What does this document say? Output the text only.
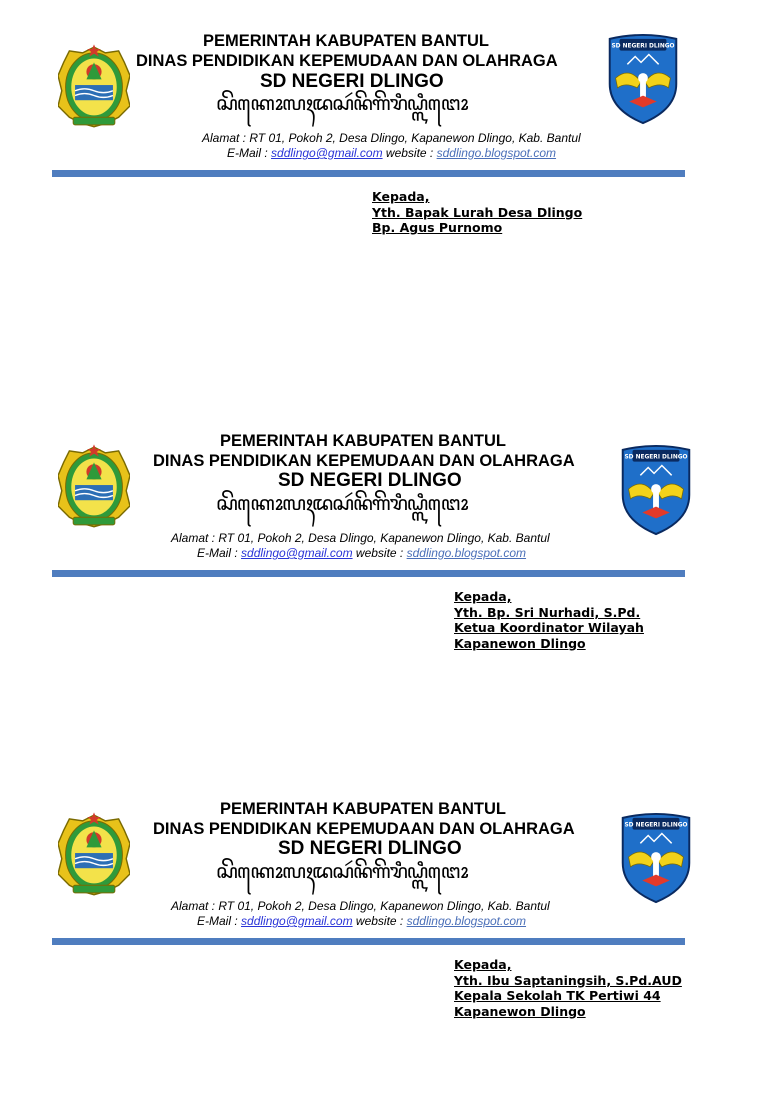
PEMERINTAH KABUPATEN BANTUL
DINAS PENDIDIKAN KEPEMUDAAN DAN OLAHRAGA
SD NEGERI DLINGO
ꦱꦼꦏꦺꦴꦭꦃꦢꦱꦂꦤꦼꦒꦼꦫꦶꦝ꧀ꦭꦶꦔꦺꦴ
SD NEGERI DLINGO
Alamat : RT 01, Pokoh 2, Desa Dlingo, Kapanewon Dlingo, Kab. Bantul
E-Mail : sddlingo@gmail.com website : sddlingo.blogspot.com
Kepada,
Yth. Bapak Lurah Desa Dlingo
Bp. Agus Purnomo
PEMERINTAH KABUPATEN BANTUL
DINAS PENDIDIKAN KEPEMUDAAN DAN OLAHRAGA
SD NEGERI DLINGO
ꦱꦼꦏꦺꦴꦭꦃꦢꦱꦂꦤꦼꦒꦼꦫꦶꦝ꧀ꦭꦶꦔꦺꦴ
SD NEGERI DLINGO
Alamat : RT 01, Pokoh 2, Desa Dlingo, Kapanewon Dlingo, Kab. Bantul
E-Mail : sddlingo@gmail.com website : sddlingo.blogspot.com
Kepada,
Yth. Bp. Sri Nurhadi, S.Pd.
Ketua Koordinator Wilayah
Kapanewon Dlingo
PEMERINTAH KABUPATEN BANTUL
DINAS PENDIDIKAN KEPEMUDAAN DAN OLAHRAGA
SD NEGERI DLINGO
ꦱꦼꦏꦺꦴꦭꦃꦢꦱꦂꦤꦼꦒꦼꦫꦶꦝ꧀ꦭꦶꦔꦺꦴ
SD NEGERI DLINGO
Alamat : RT 01, Pokoh 2, Desa Dlingo, Kapanewon Dlingo, Kab. Bantul
E-Mail : sddlingo@gmail.com website : sddlingo.blogspot.com
Kepada,
Yth. Ibu Saptaningsih, S.Pd.AUD
Kepala Sekolah TK Pertiwi 44
Kapanewon Dlingo
